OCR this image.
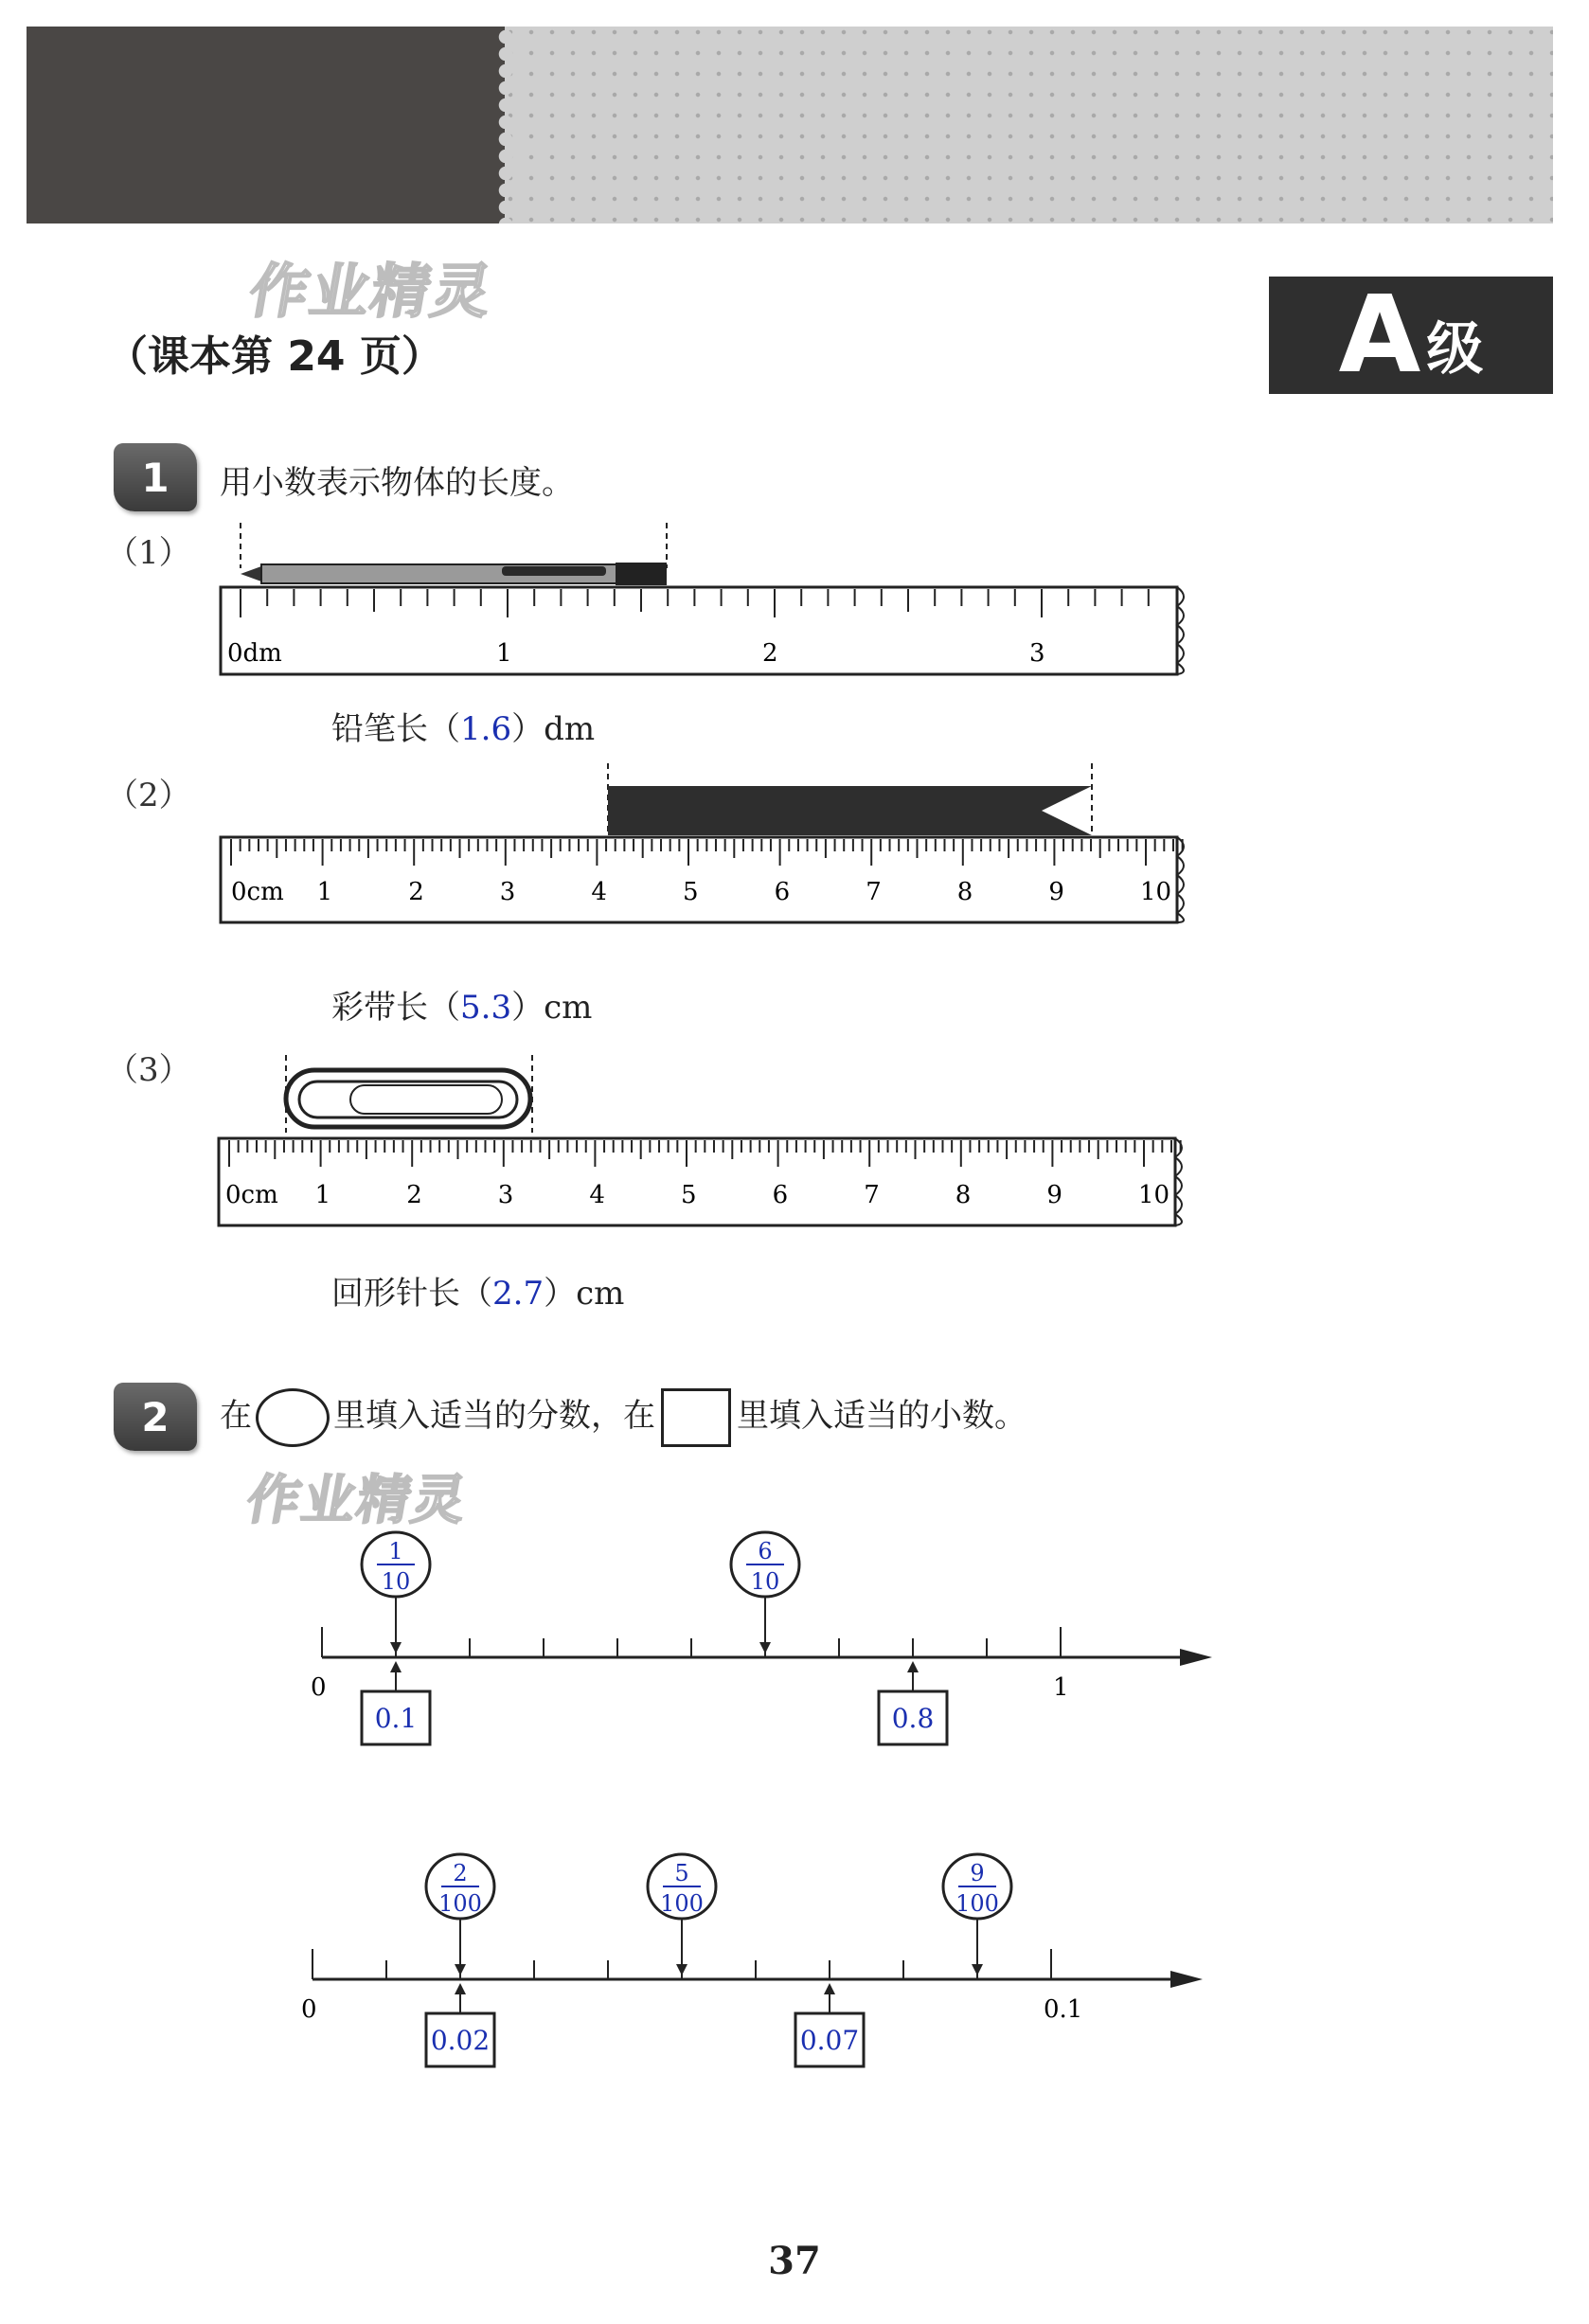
作业精灵
（课本第 24 页）	A 级
1	用小数表示物体的长度。
（1）
0dm	1	2	3
铅笔长（1.6）dm
（2）
0cm 1	2	3	4	5	6	7	8	9	10
彩带长（5.3）cm
（3）
0cm 1	2	3	4	5	6	7	8	9	10
回形针长（2.7）cm
2	在	里填入适当的分数，在	里填入适当的小数。
作业精灵
0	1
1
10
6
10
0.1	0.8
0	0.1
2
100
5
100
9
100
0.02	0.07
37
